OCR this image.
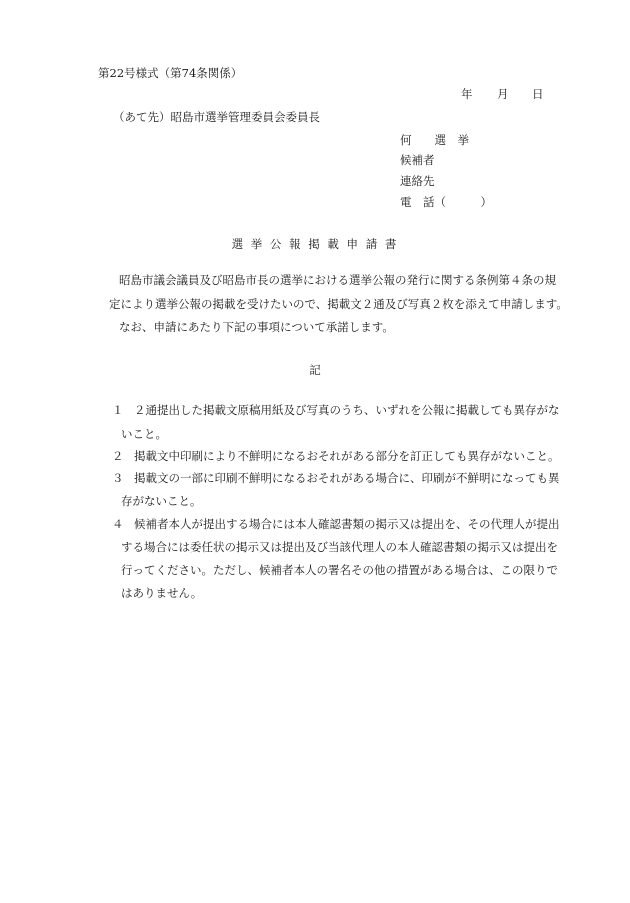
第22号様式（第74条関係）
年 月 日
（あて先）昭島市選挙管理委員会委員長
何　　選　挙
候補者
連絡先
電　話（　　　）
選 挙 公 報 掲 載 申 請 書
昭島市議会議員及び昭島市長の選挙における選挙公報の発行に関する条例第４条の規
定により選挙公報の掲載を受けたいので、掲載文２通及び写真２枚を添えて申請します。
なお、申請にあたり下記の事項について承諾します。
記
１ ２通提出した掲載文原稿用紙及び写真のうち、いずれを公報に掲載しても異存がな
いこと。
２ 掲載文中印刷により不鮮明になるおそれがある部分を訂正しても異存がないこと。
３ 掲載文の一部に印刷不鮮明になるおそれがある場合に、印刷が不鮮明になっても異
存がないこと。
４ 候補者本人が提出する場合には本人確認書類の掲示又は提出を、その代理人が提出
する場合には委任状の掲示又は提出及び当該代理人の本人確認書類の掲示又は提出を
行ってください。ただし、候補者本人の署名その他の措置がある場合は、この限りで
はありません。
